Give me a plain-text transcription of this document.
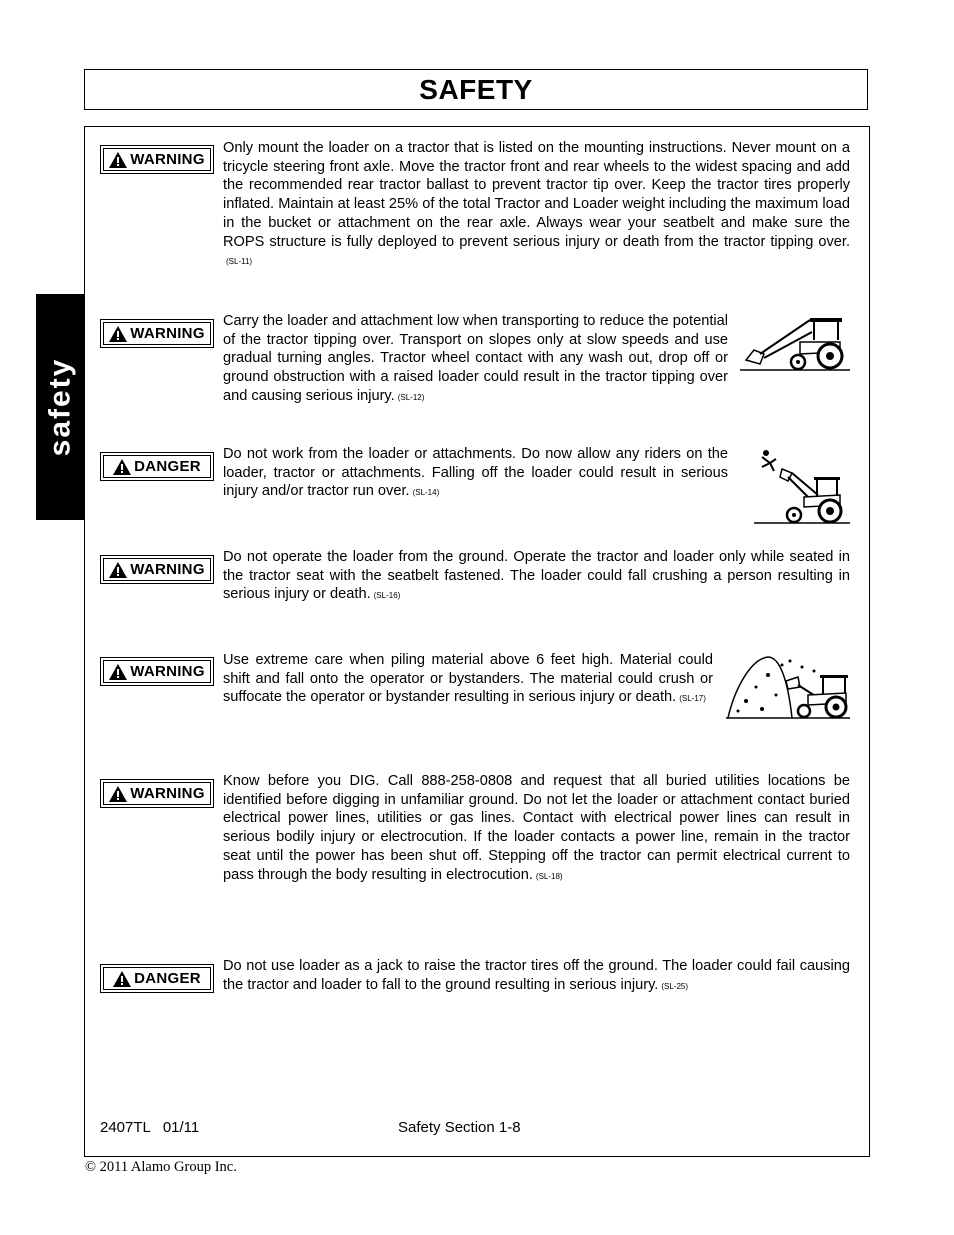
SAFETY
safety
WARNING
Only mount the loader on a tractor that is listed on the mounting instructions. Never mount on a tricycle steering front axle. Move the tractor front and rear wheels to the widest spacing and add the recommended rear tractor ballast to prevent tractor tip over. Keep the tractor tires properly inflated. Maintain at least 25% of the total Tractor and Loader weight including the maximum load in the bucket or attachment on the rear axle. Always wear your seatbelt and make sure the ROPS structure is fully deployed to prevent serious injury or death from the tractor tipping over.(SL-11)
WARNING
Carry the loader and attachment low when transporting to reduce the potential of the tractor tipping over. Transport on slopes only at slow speeds and use gradual turning angles. Tractor wheel contact with any wash out, drop off or ground obstruction with a raised loader could result in the tractor tipping over and causing serious injury. (SL-12)
DANGER
Do not work from the loader or attachments. Do now allow any riders on the loader, tractor or attachments. Falling off the loader could result in serious injury and/or tractor run over. (SL-14)
WARNING
Do not operate the loader from the ground. Operate the tractor and loader only while seated in the tractor seat with the seatbelt fastened. The loader could fall crushing a person resulting in serious injury or death. (SL-16)
WARNING
Use extreme care when piling material above 6 feet high. Material could shift and fall onto the operator or bystanders. The material could crush or suffocate the operator or bystander resulting in serious injury or death. (SL-17)
WARNING
Know before you DIG. Call 888-258-0808 and request that all buried utilities locations be identified before digging in unfamiliar ground. Do not let the loader or attachment contact buried electrical power lines, utilities or gas lines. Contact with electrical power lines can result in serious bodily injury or electrocution. If the loader contacts a power line, remain in the tractor seat until the power has been shut off. Stepping off the tractor can permit electrical current to pass through the body resulting in electrocution. (SL-18)
DANGER
Do not use loader as a jack to raise the tractor tires off the ground. The loader could fail causing the tractor and loader to fall to the ground resulting in serious injury. (SL-25)
2407TL   01/11	Safety Section 1-8
© 2011 Alamo Group Inc.
